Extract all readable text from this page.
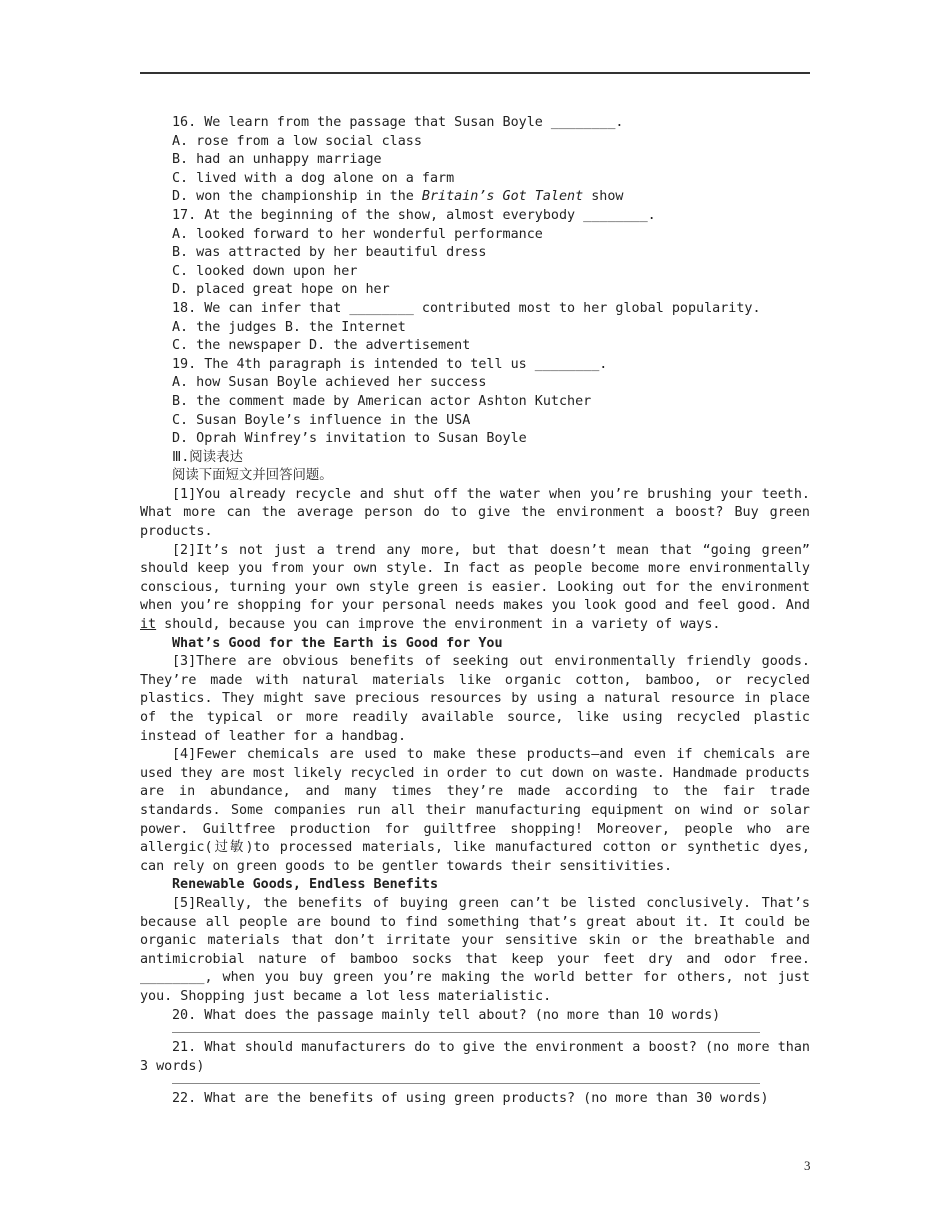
16. We learn from the passage that Susan Boyle ________.

A. rose from a low social class

B. had an unhappy marriage

C. lived with a dog alone on a farm

D. won the championship in the Britain’s Got Talent show

17. At the beginning of the show, almost everybody ________.

A. looked forward to her wonderful performance

B. was attracted by her beautiful dress

C. looked down upon her

D. placed great hope on her

18. We can infer that ________ contributed most to her global popularity.

A. the judges B. the Internet

C. the newspaper D. the advertisement

19. The 4th paragraph is intended to tell us ________.

A. how Susan Boyle achieved her success

B. the comment made by American actor Ashton Kutcher

C. Susan Boyle’s influence in the USA

D. Oprah Winfrey’s invitation to Susan Boyle

Ⅲ.阅读表达

阅读下面短文并回答问题。

[1]You already recycle and shut off the water when you’re brushing your teeth. What more can the average person do to give the environment a boost? Buy green products.

[2]It’s not just a trend any more, but that doesn’t mean that “going green” should keep you from your own style. In fact as people become more environmentally conscious, turning your own style green is easier. Looking out for the environment when you’re shopping for your personal needs makes you look good and feel good. And it should, because you can improve the environment in a variety of ways.

What’s Good for the Earth is Good for You

[3]There are obvious benefits of seeking out environmentally friendly goods. They’re made with natural materials like organic cotton, bamboo, or recycled plastics. They might save precious resources by using a natural resource in place of the typical or more readily available source, like using recycled plastic instead of leather for a handbag.

[4]Fewer chemicals are used to make these products—and even if chemicals are used they are most likely recycled in order to cut down on waste. Handmade products are in abundance, and many times they’re made according to the fair trade standards. Some companies run all their manufacturing equipment on wind or solar power. Guiltfree production for guiltfree shopping! Moreover, people who are allergic(过敏)to processed materials, like manufactured cotton or synthetic dyes, can rely on green goods to be gentler towards their sensitivities.

Renewable Goods, Endless Benefits

[5]Really, the benefits of buying green can’t be listed conclusively. That’s because all people are bound to find something that’s great about it. It could be organic materials that don’t irritate your sensitive skin or the breathable and antimicrobial nature of bamboo socks that keep your feet dry and odor free. ________, when you buy green you’re making the world better for others, not just you. Shopping just became a lot less materialistic.

20. What does the passage mainly tell about? (no more than 10 words)

21. What should manufacturers do to give the environment a boost? (no more than 3 words)

22. What are the benefits of using green products? (no more than 30 words)

3
